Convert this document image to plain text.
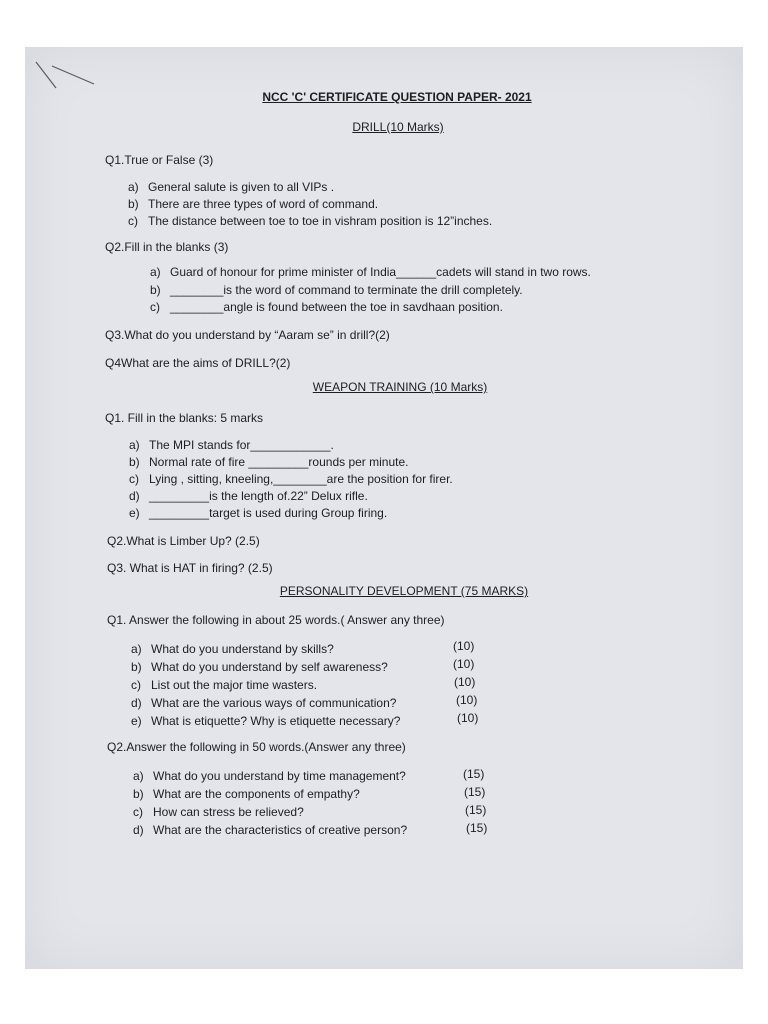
NCC 'C' CERTIFICATE QUESTION PAPER- 2021
DRILL(10 Marks)
Q1.True or False (3)
a) General salute is given to all VIPs .
b) There are three types of word of command.
c) The distance between toe to toe in vishram position is 12”inches.
Q2.Fill in the blanks (3)
a) Guard of honour for prime minister of India______cadets will stand in two rows.
b) ________is the word of command to terminate the drill completely.
c) ________angle is found between the toe in savdhaan position.
Q3.What do you understand by “Aaram se” in drill?(2)
Q4What are the aims of DRILL?(2)
WEAPON TRAINING (10 Marks)
Q1. Fill in the blanks: 5 marks
a) The MPI stands for____________.
b) Normal rate of fire _________rounds per minute.
c) Lying , sitting, kneeling,________are the position for firer.
d) _________is the length of.22” Delux rifle.
e) _________target is used during Group firing.
Q2.What is Limber Up? (2.5)
Q3. What is HAT in firing? (2.5)
PERSONALITY DEVELOPMENT (75 MARKS)
Q1. Answer the following in about 25 words.( Answer any three)
a) What do you understand by skills?	(10)
b) What do you understand by self awareness?	(10)
c) List out the major time wasters.	(10)
d) What are the various ways of communication?	(10)
e) What is etiquette? Why is etiquette necessary?	(10)
Q2.Answer the following in 50 words.(Answer any three)
a) What do you understand by time management?	(15)
b) What are the components of empathy?	(15)
c) How can stress be relieved?	(15)
d) What are the characteristics of creative person?	(15)
